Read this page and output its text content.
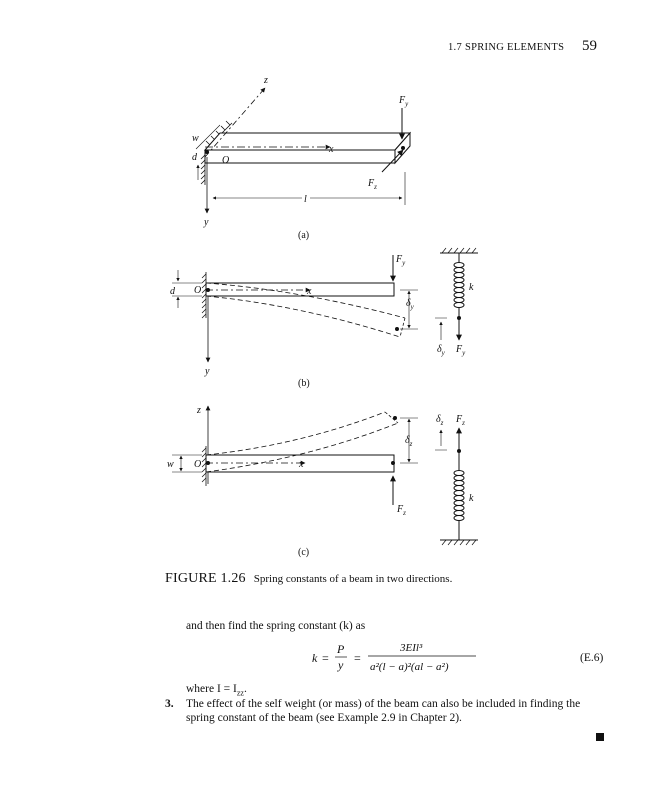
1.7 SPRING ELEMENTS 59
x
z
y
O
w
d
$F_y$
$F_z$
l
(a)
x
y
O
d
$F_y$
$\delta_y$
k
$\delta_y$ $F_y$
(b)
z
x
O
w
$F_z$
$\delta_z$
$\delta_z$ $F_z$
k
(c)
FIGURE 1.26 Spring constants of a beam in two directions.
and then find the spring constant (k) as
k =
P
y =
3EIl³
a²(l − a)²(al − a²)
(E.6)
where $I = I_{zz}$.
3. The effect of the self weight (or mass) of the beam can also be included in finding the spring constant of the beam (see Example 2.9 in Chapter 2).
